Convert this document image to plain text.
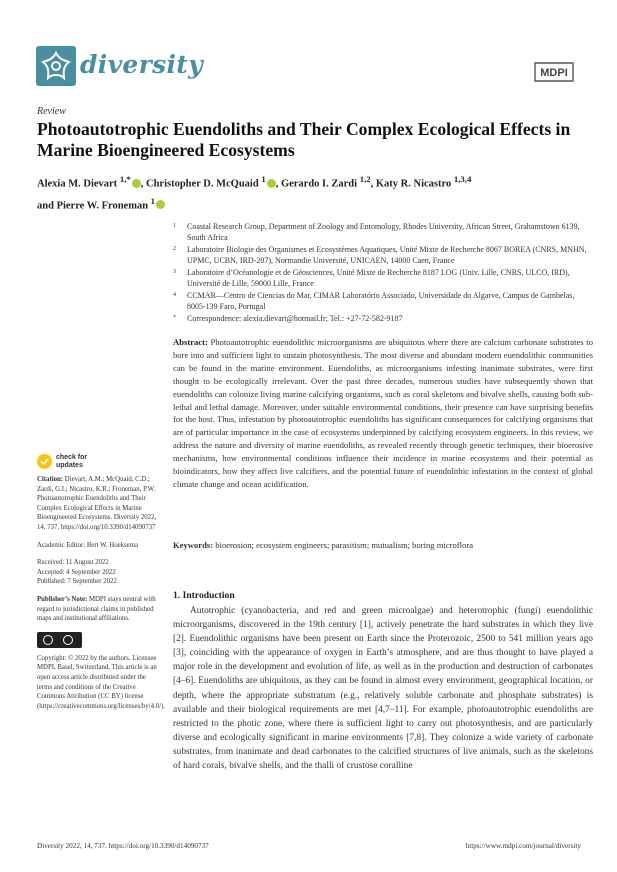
diversity	MDPI
Review
Photoautotrophic Euendoliths and Their Complex Ecological Effects in Marine Bioengineered Ecosystems
Alexia M. Dievart $^{1,*}$ , Christopher D. McQuaid $^1$ , Gerardo I. Zardi $^{1,2}$, Katy R. Nicastro $^{1,3,4}$
and Pierre W. Froneman $^1$
1 Coastal Research Group, Department of Zoology and Entomology, Rhodes University, African Street, Grahamstown 6139, South Africa
2 Laboratoire Biologie des Organismes et Ecosystèmes Aquatiques, Unité Mixte de Recherche 8067 BOREA (CNRS, MNHN, UPMC, UCBN, IRD-207), Normandie Université, UNICAEN, 14000 Caen, France
3 Laboratoire d’Océanologie et de Géosciences, Unité Mixte de Recherche 8187 LOG (Univ. Lille, CNRS, ULCO, IRD), Université de Lille, 59000 Lille, France
4 CCMAR—Centro de Ciencias do Mar, CIMAR Laboratório Associado, Universidade do Algarve, Campus de Gambelas, 8005-139 Faro, Portugal
* Correspondence: alexia.dievart@hotmail.fr; Tel.: +27-72-582-9187
Abstract: Photoautotrophic euendolithic microorganisms are ubiquitous where there are calcium carbonate substrates to bore into and sufficient light to sustain photosynthesis. The most diverse and abundant modern euendolithic communities can be found in the marine environment. Euendoliths, as microorganisms infesting inanimate substrates, were first thought to be ecologically irrelevant. Over the past three decades, numerous studies have subsequently shown that euendoliths can colonize living marine calcifying organisms, such as coral skeletons and bivalve shells, causing both sub-lethal and lethal damage. Moreover, under suitable environmental conditions, their presence can have surprising benefits for the host. Thus, infestation by photoautotrophic euendoliths has significant consequences for calcifying organisms that are of particular importance in the case of ecosystems underpinned by calcifying ecosystem engineers. In this review, we address the nature and diversity of marine euendoliths, as revealed recently through genetic techniques, their bioerosive mechanisms, how environmental conditions influence their incidence in marine ecosystems and their potential as bioindicators, how they affect live calcifiers, and the potential future of euendolithic infestation in the context of global climate change and ocean acidification.
Keywords: bioerosion; ecosystem engineers; parasitism; mutualism; boring microflora
check for
updates
Citation: Dievart, A.M.; McQuaid, C.D.; Zardi, G.I.; Nicastro, K.R.; Froneman, P.W. Photoautotrophic Euendoliths and Their Complex Ecological Effects in Marine Bioengineered Ecosystems. Diversity 2022, 14, 737. https://doi.org/10.3390/d14090737
Academic Editor: Bert W. Hoeksema
Received: 11 August 2022
Accepted: 4 September 2022
Published: 7 September 2022
Publisher’s Note: MDPI stays neutral with regard to jurisdictional claims in published maps and institutional affiliations.
Copyright: © 2022 by the authors. Licensee MDPI, Basel, Switzerland. This article is an open access article distributed under the terms and conditions of the Creative Commons Attribution (CC BY) license (https://creativecommons.org/licenses/by/4.0/).
1. Introduction
Autotrophic (cyanobacteria, and red and green microalgae) and heterotrophic (fungi) euendolithic microorganisms, discovered in the 19th century [1], actively penetrate the hard substrates in which they live [2]. Euendolithic organisms have been present on Earth since the Proterozoic, 2500 to 541 million years ago [3], coinciding with the appearance of oxygen in Earth’s atmosphere, and are thus thought to have played a major role in the development and evolution of life, as well as in the production and destruction of carbonates [4–6]. Euendoliths are ubiquitous, as they can be found in almost every environment, geographical location, or depth, where the appropriate substratum (e.g., relatively soluble carbonate and phosphate substrates) is available and their biological requirements are met [4,7–11]. For example, photoautotrophic euendoliths are restricted to the photic zone, where there is sufficient light to carry out photosynthesis, and are particularly diverse and ecologically significant in marine environments [7,8]. They colonize a wide variety of carbonate substrates, from inanimate and dead carbonates to the calcified structures of live animals, such as the skeletons of hard corals, bivalve shells, and the thalli of crustose coralline
Diversity 2022, 14, 737. https://doi.org/10.3390/d14090737	https://www.mdpi.com/journal/diversity
